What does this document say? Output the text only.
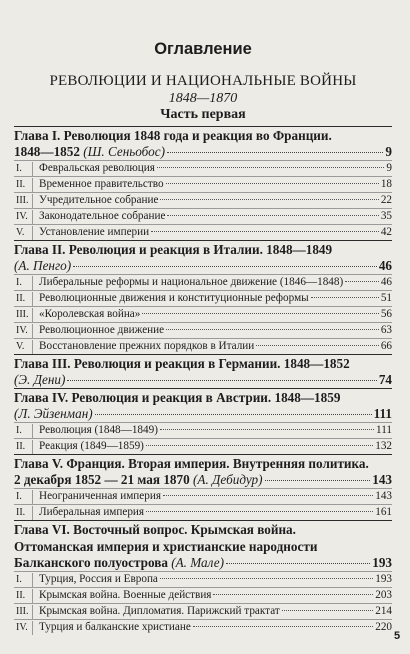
Оглавление
РЕВОЛЮЦИИ И НАЦИОНАЛЬНЫЕ ВОЙНЫ
1848—1870
Часть первая
Глава I. Революция 1848 года и реакция во Франции.
1848—1852 (Ш. Сеньобос)	9
I.	Февральская революция	9
II.	Временное правительство	18
III. Учредительное собрание	22
IV.	Законодательное собрание	35
V.	Установление империи	42
Глава II. Революция и реакция в Италии. 1848—1849
(А. Пенго)	46
I.	Либеральные реформы и национальное движение (1846—1848)	46
II.	Революционные движения и конституционные реформы	51
III. «Королевская война»	56
IV.	Революционное движение	63
V.	Восстановление прежних порядков в Италии	66
Глава III. Революция и реакция в Германии. 1848—1852
(Э. Дени)	74
Глава IV. Революция и реакция в Австрии. 1848—1859
(Л. Эйзенман)	111
I.	Революция (1848—1849)	111
II.	Реакция (1849—1859)	132
Глава V. Франция. Вторая империя. Внутренняя политика.
2 декабря 1852 — 21 мая 1870 (А. Дебидур)	143
I.	Неограниченная империя	143
II.	Либеральная империя	161
Глава VI. Восточный вопрос. Крымская война.
Оттоманская империя и христианские народности
Балканского полуострова (А. Мале)	193
I.	Турция, Россия и Европа	193
II.	Крымская война. Военные действия	203
III. Крымская война. Дипломатия. Парижский трактат	214
IV.	Турция и балканские христиане	220
5
